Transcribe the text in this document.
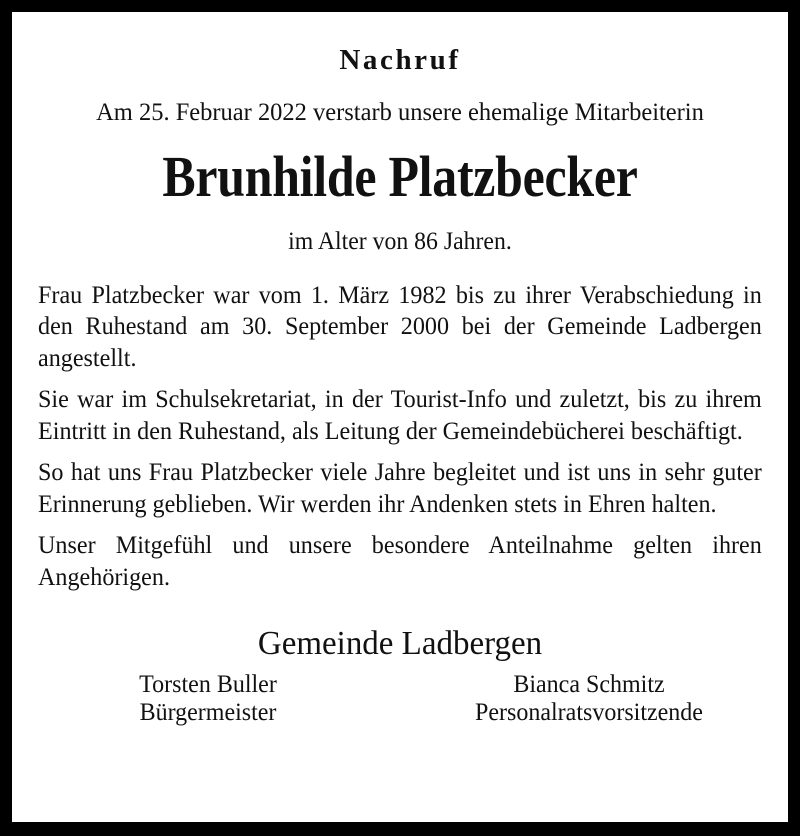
Nachruf

Am 25. Februar 2022 verstarb unsere ehemalige Mitarbeiterin

Brunhilde Platzbecker

im Alter von 86 Jahren.

Frau Platzbecker war vom 1. März 1982 bis zu ihrer Verabschiedung in den Ruhestand am 30. September 2000 bei der Gemeinde Ladbergen angestellt.

Sie war im Schulsekretariat, in der Tourist-Info und zuletzt, bis zu ihrem Eintritt in den Ruhestand, als Leitung der Gemeindebücherei beschäftigt.

So hat uns Frau Platzbecker viele Jahre begleitet und ist uns in sehr guter Erinnerung geblieben. Wir werden ihr Andenken stets in Ehren halten.

Unser Mitgefühl und unsere besondere Anteilnahme gelten ihren Angehörigen.

Gemeinde Ladbergen

Torsten Buller
Bürgermeister
Bianca Schmitz
Personalratsvorsitzende
